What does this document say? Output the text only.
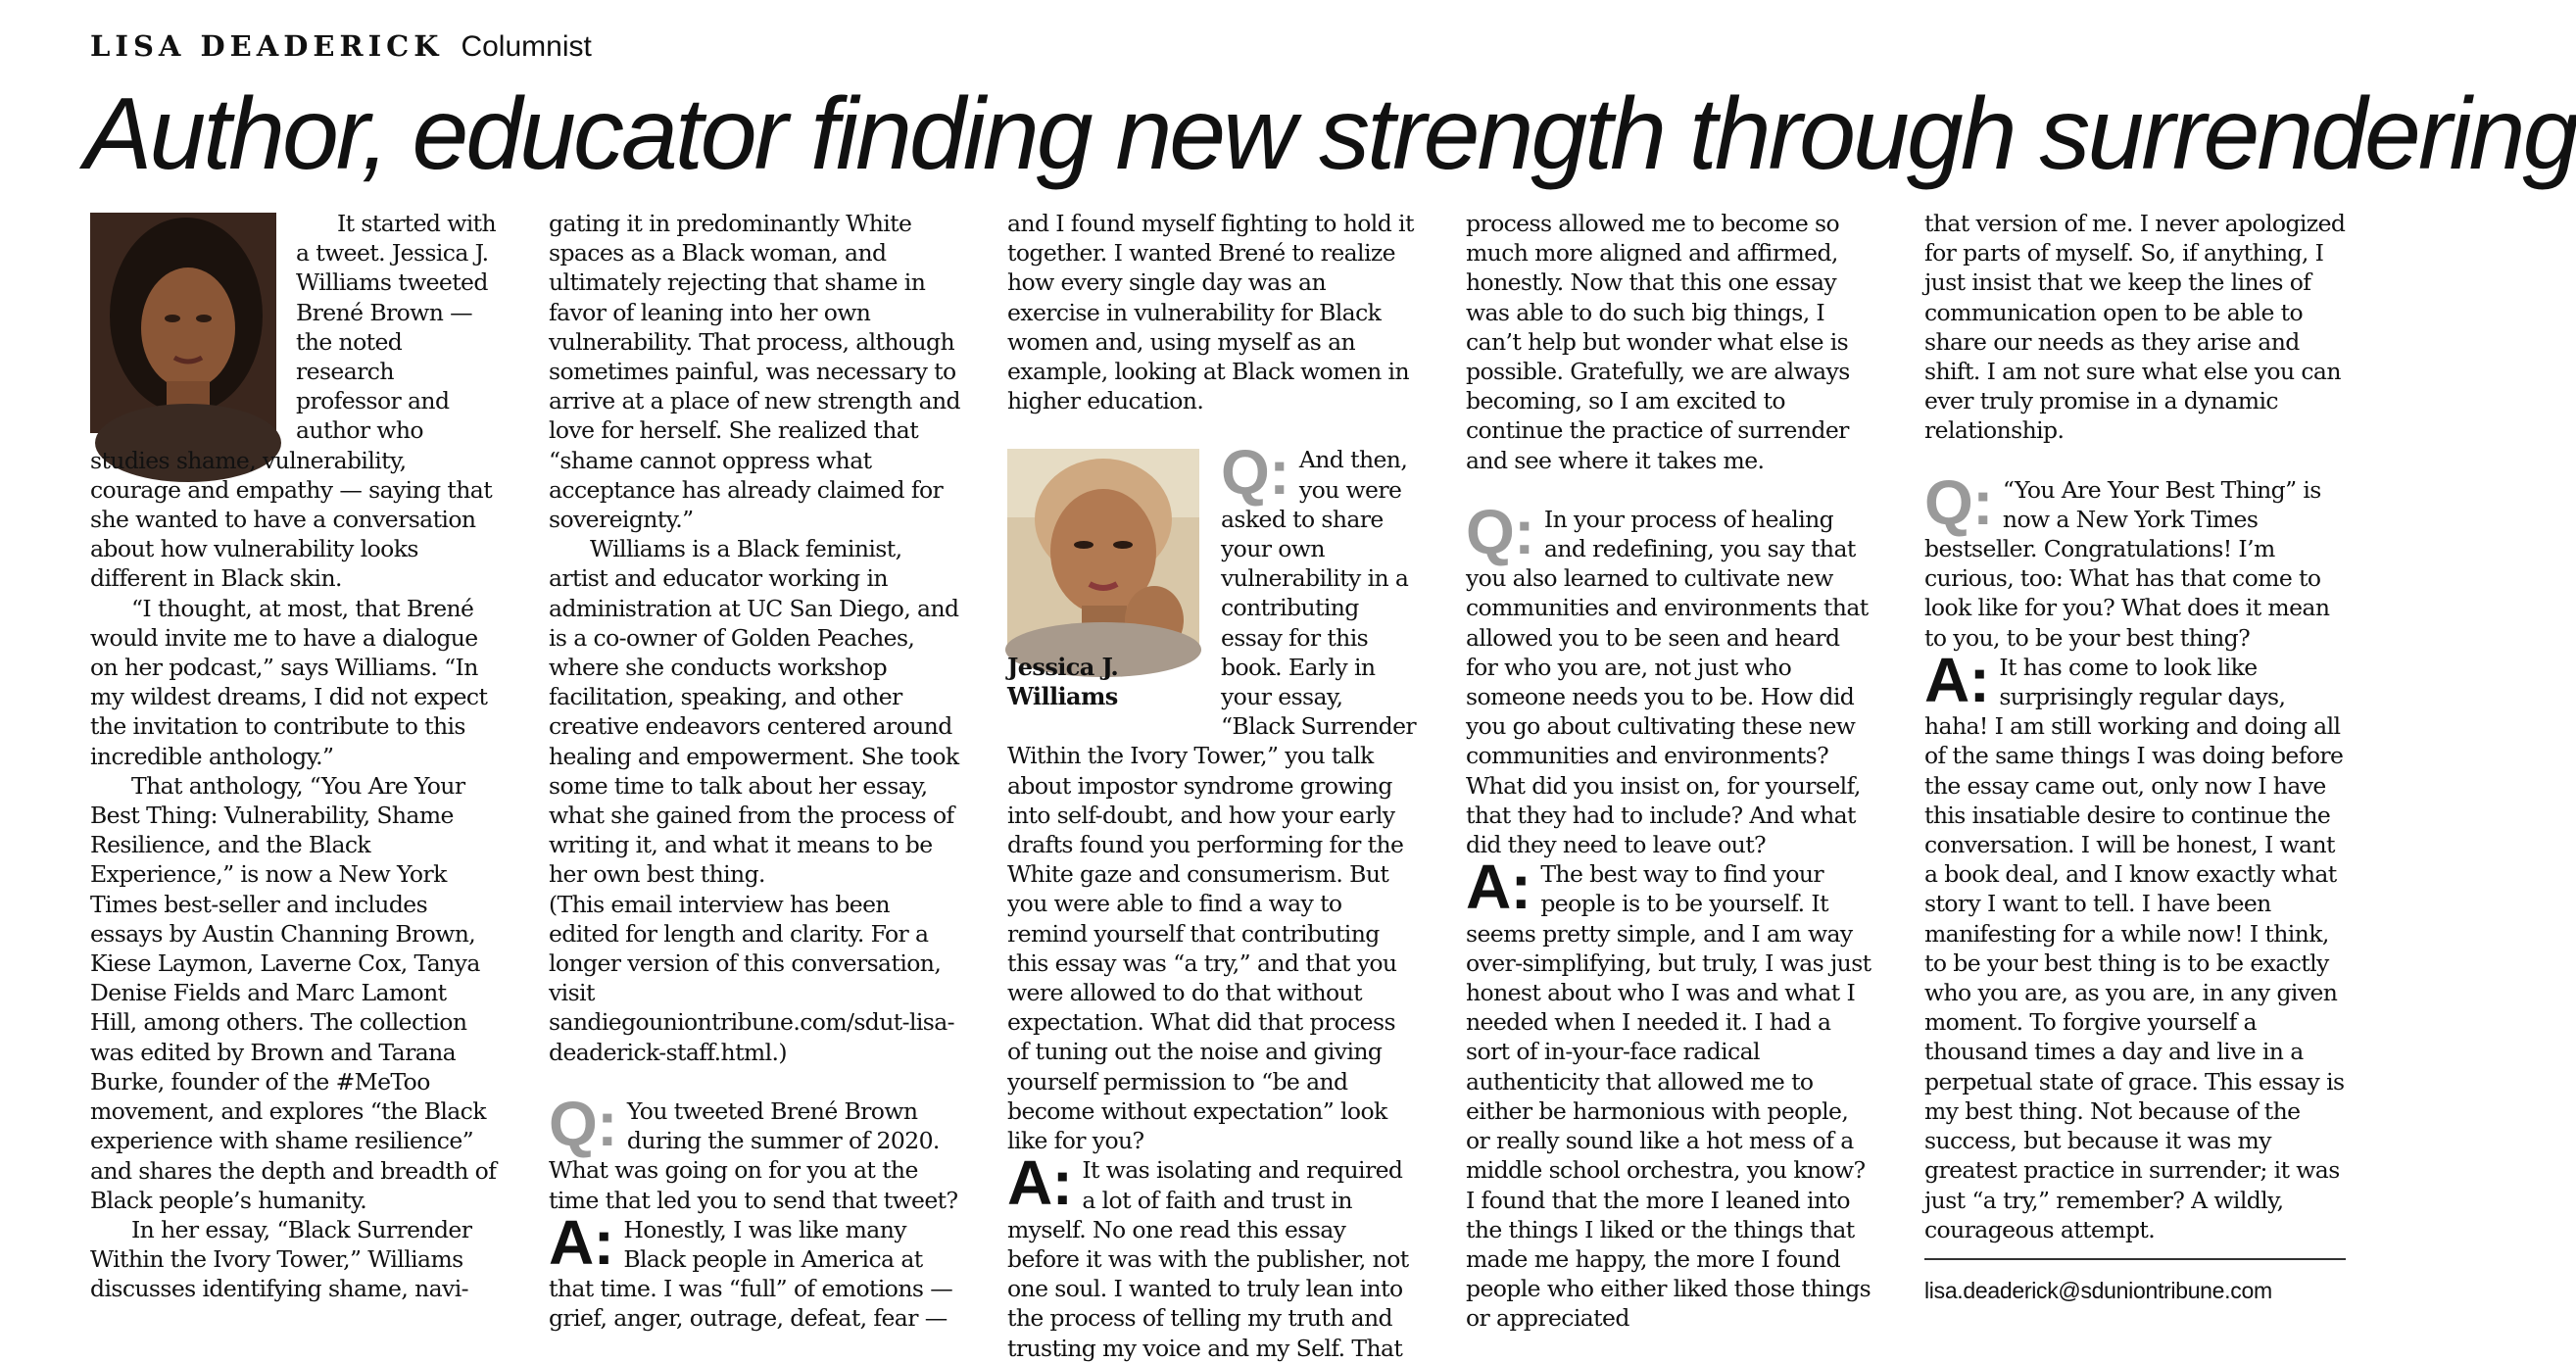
LISA DEADERICK Columnist
Author, educator finding new strength through surrendering

It started with a tweet. Jessica J. Williams tweeted Brené Brown — the noted research professor and author who studies shame, vulnerability, courage and empathy — saying that she wanted to have a conversation about how vulnerability looks different in Black skin.

“I thought, at most, that Brené would invite me to have a dialogue on her podcast,” says Williams. “In my wildest dreams, I did not expect the invitation to contribute to this incredible anthology.”

That anthology, “You Are Your Best Thing: Vulnerability, Shame Resilience, and the Black Experience,” is now a New York Times best-seller and includes essays by Austin Channing Brown, Kiese Laymon, Laverne Cox, Tanya Denise Fields and Marc Lamont Hill, among others. The collection was edited by Brown and Tarana Burke, founder of the #MeToo movement, and explores “the Black experience with shame resilience” and shares the depth and breadth of Black people’s humanity.

In her essay, “Black Surrender Within the Ivory Tower,” Williams discusses identifying shame, navi-

gating it in predominantly White spaces as a Black woman, and ultimately rejecting that shame in favor of leaning into her own vulnerability. That process, although sometimes painful, was necessary to arrive at a place of new strength and love for herself. She realized that “shame cannot oppress what acceptance has already claimed for sovereignty.”

Williams is a Black feminist, artist and educator working in administration at UC San Diego, and is a co-owner of Golden Peaches, where she conducts workshop facilitation, speaking, and other creative endeavors centered around healing and empowerment. She took some time to talk about her essay, what she gained from the process of writing it, and what it means to be her own best thing.

(This email interview has been edited for length and clarity. For a longer version of this conversation, visit sandiegouniontribune.com/sdut-lisa-deaderick-staff.html.)

Q: You tweeted Brené Brown during the summer of 2020. What was going on for you at the time that led you to send that tweet?

A: Honestly, I was like many Black people in America at that time. I was “full” of emotions — grief, anger, outrage, defeat, fear —

and I found myself fighting to hold it together. I wanted Brené to realize how every single day was an exercise in vulnerability for Black women and, using myself as an example, looking at Black women in higher education.

Jessica J. Williams

Q: And then, you were asked to share your own vulnerability in a contributing essay for this book. Early in your essay, “Black Surrender Within the Ivory Tower,” you talk about impostor syndrome growing into self-doubt, and how your early drafts found you performing for the White gaze and consumerism. But you were able to find a way to remind yourself that contributing this essay was “a try,” and that you were allowed to do that without expectation. What did that process of tuning out the noise and giving yourself permission to “be and become without expectation” look like for you?

A: It was isolating and required a lot of faith and trust in myself. No one read this essay before it was with the publisher, not one soul. I wanted to truly lean into the process of telling my truth and trusting my voice and my Self. That

process allowed me to become so much more aligned and affirmed, honestly. Now that this one essay was able to do such big things, I can’t help but wonder what else is possible. Gratefully, we are always becoming, so I am excited to continue the practice of surrender and see where it takes me.

Q: In your process of healing and redefining, you say that you also learned to cultivate new communities and environments that allowed you to be seen and heard for who you are, not just who someone needs you to be. How did you go about cultivating these new communities and environments? What did you insist on, for yourself, that they had to include? And what did they need to leave out?

A: The best way to find your people is to be yourself. It seems pretty simple, and I am way over-simplifying, but truly, I was just honest about who I was and what I needed when I needed it. I had a sort of in-your-face radical authenticity that allowed me to either be harmonious with people, or really sound like a hot mess of a middle school orchestra, you know? I found that the more I leaned into the things I liked or the things that made me happy, the more I found people who either liked those things or appreciated

that version of me. I never apologized for parts of myself. So, if anything, I just insist that we keep the lines of communication open to be able to share our needs as they arise and shift. I am not sure what else you can ever truly promise in a dynamic relationship.

Q: “You Are Your Best Thing” is now a New York Times bestseller. Congratulations! I’m curious, too: What has that come to look like for you? What does it mean to you, to be your best thing?

A: It has come to look like surprisingly regular days, haha! I am still working and doing all of the same things I was doing before the essay came out, only now I have this insatiable desire to continue the conversation. I will be honest, I want a book deal, and I know exactly what story I want to tell. I have been manifesting for a while now! I think, to be your best thing is to be exactly who you are, as you are, in any given moment. To forgive yourself a thousand times a day and live in a perpetual state of grace. This essay is my best thing. Not because of the success, but because it was my greatest practice in surrender; it was just “a try,” remember? A wildly, courageous attempt.

lisa.deaderick@sduniontribune.com
